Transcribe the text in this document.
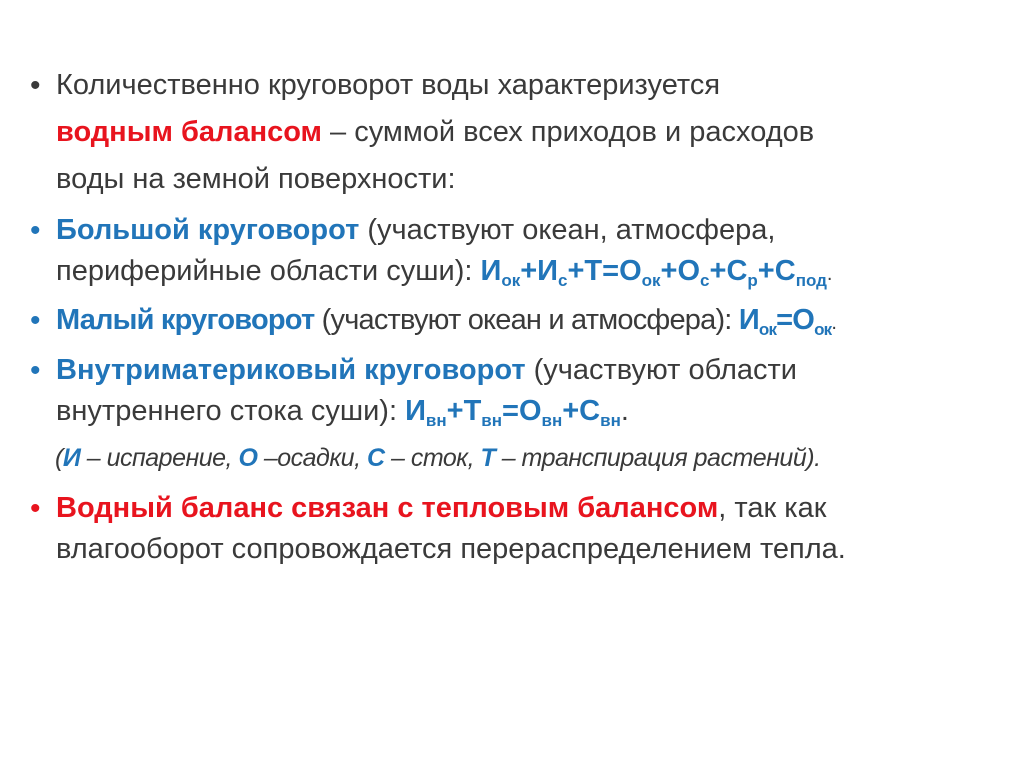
• Количественно круговорот воды характеризуется
водным балансом – суммой всех приходов и расходов
воды на земной поверхности:
• Большой круговорот (участвуют океан, атмосфера,
периферийные области суши): $И_{ок}+И_с+Т=О_{ок}+О_с+С_р+С_{под}$.
• Малый круговорот (участвуют океан и атмосфера): $И_{ок}=О_{ок}$.
• Внутриматериковый круговорот (участвуют области
внутреннего стока суши): $И_{вн}+Т_{вн}=О_{вн}+С_{вн}$.
(И – испарение, О –осадки, С – сток, Т – транспирация растений).
• Водный баланс связан с тепловым балансом, так как
влагооборот сопровождается перераспределением тепла.
